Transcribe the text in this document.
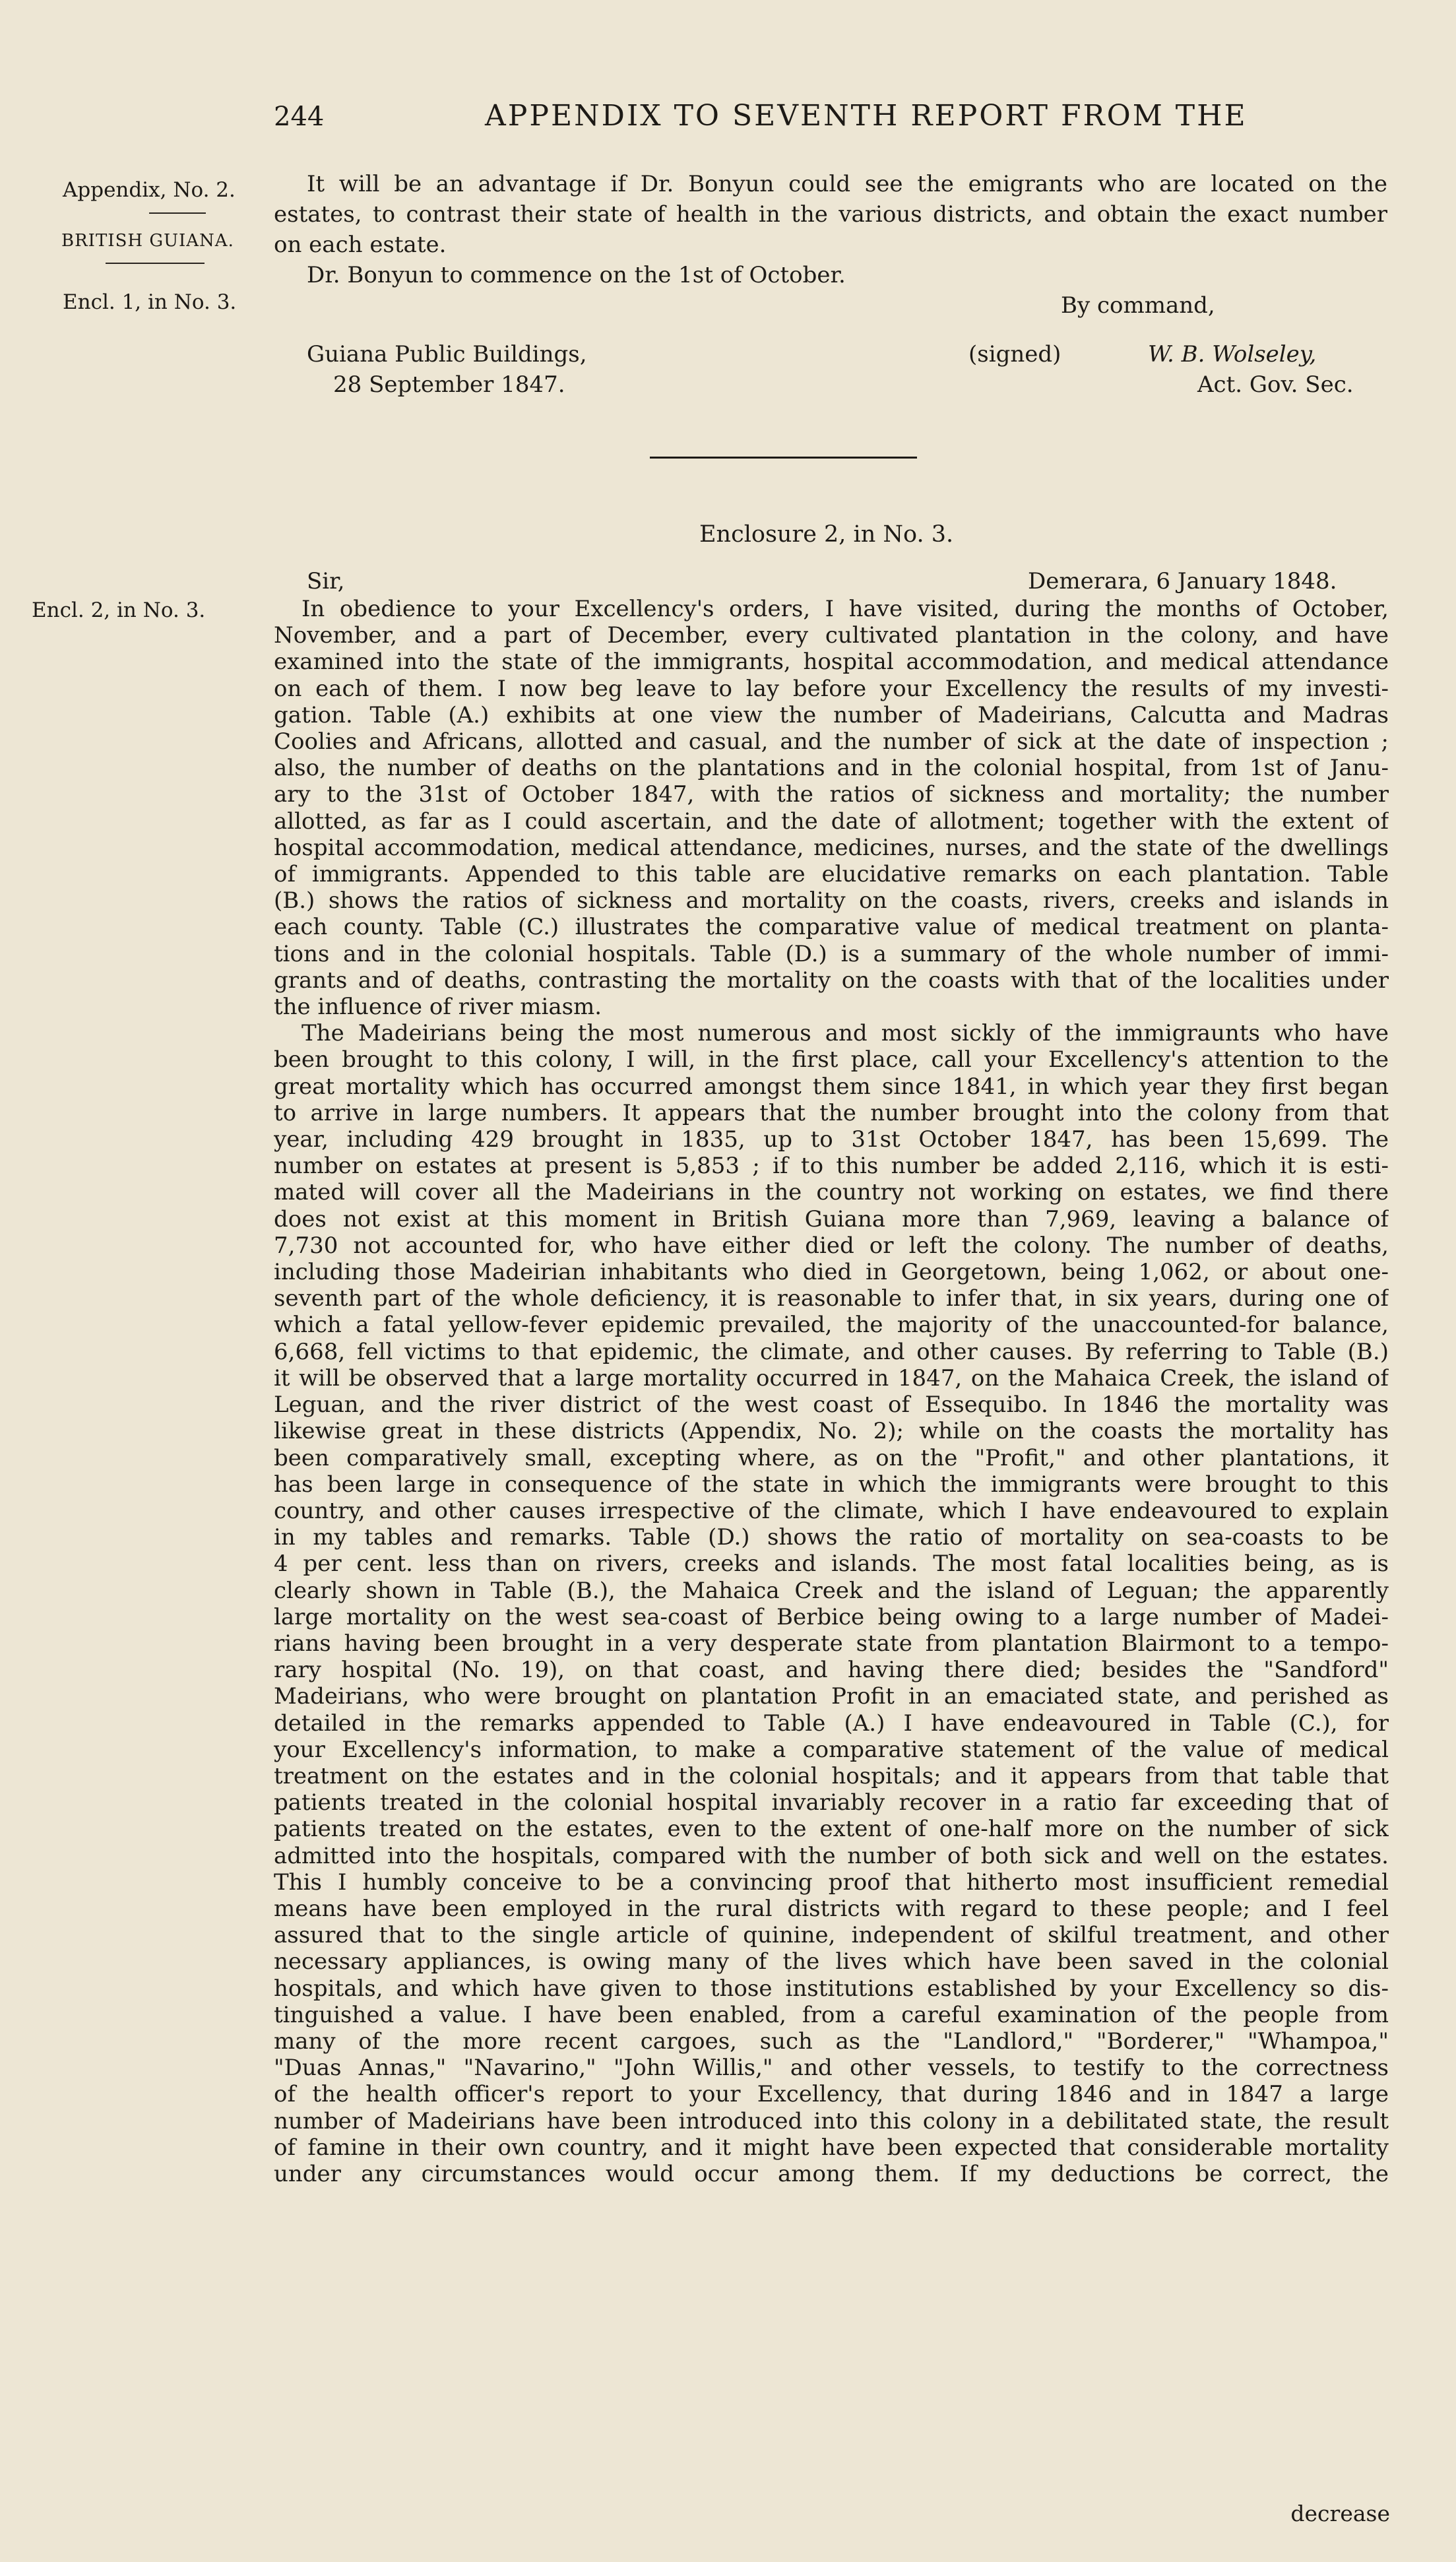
244	APPENDIX TO SEVENTH REPORT FROM THE
Appendix, No. 2.
BRITISH GUIANA.
Encl. 1, in No. 3.
Encl. 2, in No. 3.
It will be an advantage if Dr. Bonyun could see the emigrants who are located on the
estates, to contrast their state of health in the various districts, and obtain the exact number
on each estate.
Dr. Bonyun to commence on the 1st of October.
By command,
Guiana Public Buildings,
28 September 1847.
(signed)	W. B. Wolseley,
Act. Gov. Sec.
Enclosure 2, in No. 3.
Sir,	Demerara, 6 January 1848.
In obedience to your Excellency's orders, I have visited, during the months of October,
November, and a part of December, every cultivated plantation in the colony, and have
examined into the state of the immigrants, hospital accommodation, and medical attendance
on each of them. I now beg leave to lay before your Excellency the results of my investi-
gation. Table (A.) exhibits at one view the number of Madeirians, Calcutta and Madras
Coolies and Africans, allotted and casual, and the number of sick at the date of inspection ;
also, the number of deaths on the plantations and in the colonial hospital, from 1st of Janu-
ary to the 31st of October 1847, with the ratios of sickness and mortality; the number
allotted, as far as I could ascertain, and the date of allotment; together with the extent of
hospital accommodation, medical attendance, medicines, nurses, and the state of the dwellings
of immigrants. Appended to this table are elucidative remarks on each plantation. Table
(B.) shows the ratios of sickness and mortality on the coasts, rivers, creeks and islands in
each county. Table (C.) illustrates the comparative value of medical treatment on planta-
tions and in the colonial hospitals. Table (D.) is a summary of the whole number of immi-
grants and of deaths, contrasting the mortality on the coasts with that of the localities under
the influence of river miasm.
The Madeirians being the most numerous and most sickly of the immigraunts who have
been brought to this colony, I will, in the first place, call your Excellency's attention to the
great mortality which has occurred amongst them since 1841, in which year they first began
to arrive in large numbers. It appears that the number brought into the colony from that
year, including 429 brought in 1835, up to 31st October 1847, has been 15,699. The
number on estates at present is 5,853 ; if to this number be added 2,116, which it is esti-
mated will cover all the Madeirians in the country not working on estates, we find there
does not exist at this moment in British Guiana more than 7,969, leaving a balance of
7,730 not accounted for, who have either died or left the colony. The number of deaths,
including those Madeirian inhabitants who died in Georgetown, being 1,062, or about one-
seventh part of the whole deficiency, it is reasonable to infer that, in six years, during one of
which a fatal yellow-fever epidemic prevailed, the majority of the unaccounted-for balance,
6,668, fell victims to that epidemic, the climate, and other causes. By referring to Table (B.)
it will be observed that a large mortality occurred in 1847, on the Mahaica Creek, the island of
Leguan, and the river district of the west coast of Essequibo. In 1846 the mortality was
likewise great in these districts (Appendix, No. 2); while on the coasts the mortality has
been comparatively small, excepting where, as on the "Profit," and other plantations, it
has been large in consequence of the state in which the immigrants were brought to this
country, and other causes irrespective of the climate, which I have endeavoured to explain
in my tables and remarks. Table (D.) shows the ratio of mortality on sea-coasts to be
4 per cent. less than on rivers, creeks and islands. The most fatal localities being, as is
clearly shown in Table (B.), the Mahaica Creek and the island of Leguan; the apparently
large mortality on the west sea-coast of Berbice being owing to a large number of Madei-
rians having been brought in a very desperate state from plantation Blairmont to a tempo-
rary hospital (No. 19), on that coast, and having there died; besides the "Sandford"
Madeirians, who were brought on plantation Profit in an emaciated state, and perished as
detailed in the remarks appended to Table (A.) I have endeavoured in Table (C.), for
your Excellency's information, to make a comparative statement of the value of medical
treatment on the estates and in the colonial hospitals; and it appears from that table that
patients treated in the colonial hospital invariably recover in a ratio far exceeding that of
patients treated on the estates, even to the extent of one-half more on the number of sick
admitted into the hospitals, compared with the number of both sick and well on the estates.
This I humbly conceive to be a convincing proof that hitherto most insufficient remedial
means have been employed in the rural districts with regard to these people; and I feel
assured that to the single article of quinine, independent of skilful treatment, and other
necessary appliances, is owing many of the lives which have been saved in the colonial
hospitals, and which have given to those institutions established by your Excellency so dis-
tinguished a value. I have been enabled, from a careful examination of the people from
many of the more recent cargoes, such as the "Landlord," "Borderer," "Whampoa,"
"Duas Annas," "Navarino," "John Willis," and other vessels, to testify to the correctness
of the health officer's report to your Excellency, that during 1846 and in 1847 a large
number of Madeirians have been introduced into this colony in a debilitated state, the result
of famine in their own country, and it might have been expected that considerable mortality
under any circumstances would occur among them. If my deductions be correct, the
decrease
